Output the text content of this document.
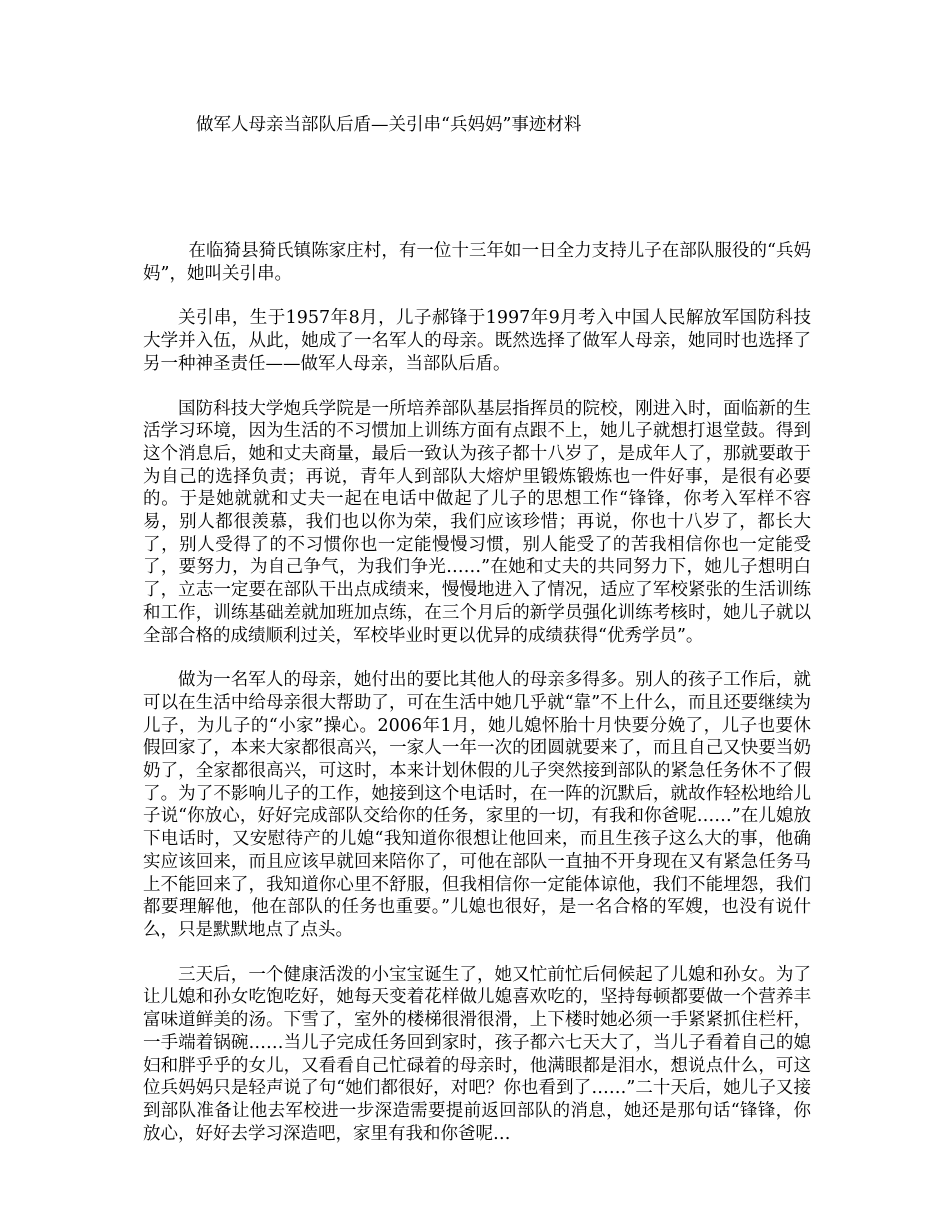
做军人母亲当部队后盾—关引串“兵妈妈”事迹材料

在临猗县猗氏镇陈家庄村，有一位十三年如一日全力支持儿子在部队服役的“兵妈妈”，她叫关引串。

关引串，生于1957年8月，儿子郝锋于1997年9月考入中国人民解放军国防科技大学并入伍，从此，她成了一名军人的母亲。既然选择了做军人母亲，她同时也选择了另一种神圣责任——做军人母亲，当部队后盾。

国防科技大学炮兵学院是一所培养部队基层指挥员的院校，刚进入时，面临新的生活学习环境，因为生活的不习惯加上训练方面有点跟不上，她儿子就想打退堂鼓。得到这个消息后，她和丈夫商量，最后一致认为孩子都十八岁了，是成年人了，那就要敢于为自己的选择负责；再说，青年人到部队大熔炉里锻炼锻炼也一件好事，是很有必要的。于是她就就和丈夫一起在电话中做起了儿子的思想工作“锋锋，你考入军样不容易，别人都很羡慕，我们也以你为荣，我们应该珍惜；再说，你也十八岁了，都长大了，别人受得了的不习惯你也一定能慢慢习惯，别人能受了的苦我相信你也一定能受了，要努力，为自己争气，为我们争光……”在她和丈夫的共同努力下，她儿子想明白了，立志一定要在部队干出点成绩来，慢慢地进入了情况，适应了军校紧张的生活训练和工作，训练基础差就加班加点练，在三个月后的新学员强化训练考核时，她儿子就以全部合格的成绩顺利过关，军校毕业时更以优异的成绩获得“优秀学员”。

做为一名军人的母亲，她付出的要比其他人的母亲多得多。别人的孩子工作后，就可以在生活中给母亲很大帮助了，可在生活中她几乎就“靠”不上什么，而且还要继续为儿子，为儿子的“小家”操心。2006年1月，她儿媳怀胎十月快要分娩了，儿子也要休假回家了，本来大家都很高兴，一家人一年一次的团圆就要来了，而且自己又快要当奶奶了，全家都很高兴，可这时，本来计划休假的儿子突然接到部队的紧急任务休不了假了。为了不影响儿子的工作，她接到这个电话时，在一阵的沉默后，就故作轻松地给儿子说“你放心，好好完成部队交给你的任务，家里的一切，有我和你爸呢……”在儿媳放下电话时，又安慰待产的儿媳“我知道你很想让他回来，而且生孩子这么大的事，他确实应该回来，而且应该早就回来陪你了，可他在部队一直抽不开身现在又有紧急任务马上不能回来了，我知道你心里不舒服，但我相信你一定能体谅他，我们不能埋怨，我们都要理解他，他在部队的任务也重要。”儿媳也很好，是一名合格的军嫂，也没有说什么，只是默默地点了点头。

三天后，一个健康活泼的小宝宝诞生了，她又忙前忙后伺候起了儿媳和孙女。为了让儿媳和孙女吃饱吃好，她每天变着花样做儿媳喜欢吃的，坚持每顿都要做一个营养丰富味道鲜美的汤。下雪了，室外的楼梯很滑很滑，上下楼时她必须一手紧紧抓住栏杆，一手端着锅碗……当儿子完成任务回到家时，孩子都六七天大了，当儿子看着自己的媳妇和胖乎乎的女儿，又看看自己忙碌着的母亲时，他满眼都是泪水，想说点什么，可这位兵妈妈只是轻声说了句“她们都很好，对吧？你也看到了……”二十天后，她儿子又接到部队准备让他去军校进一步深造需要提前返回部队的消息，她还是那句话“锋锋，你放心，好好去学习深造吧，家里有我和你爸呢…
